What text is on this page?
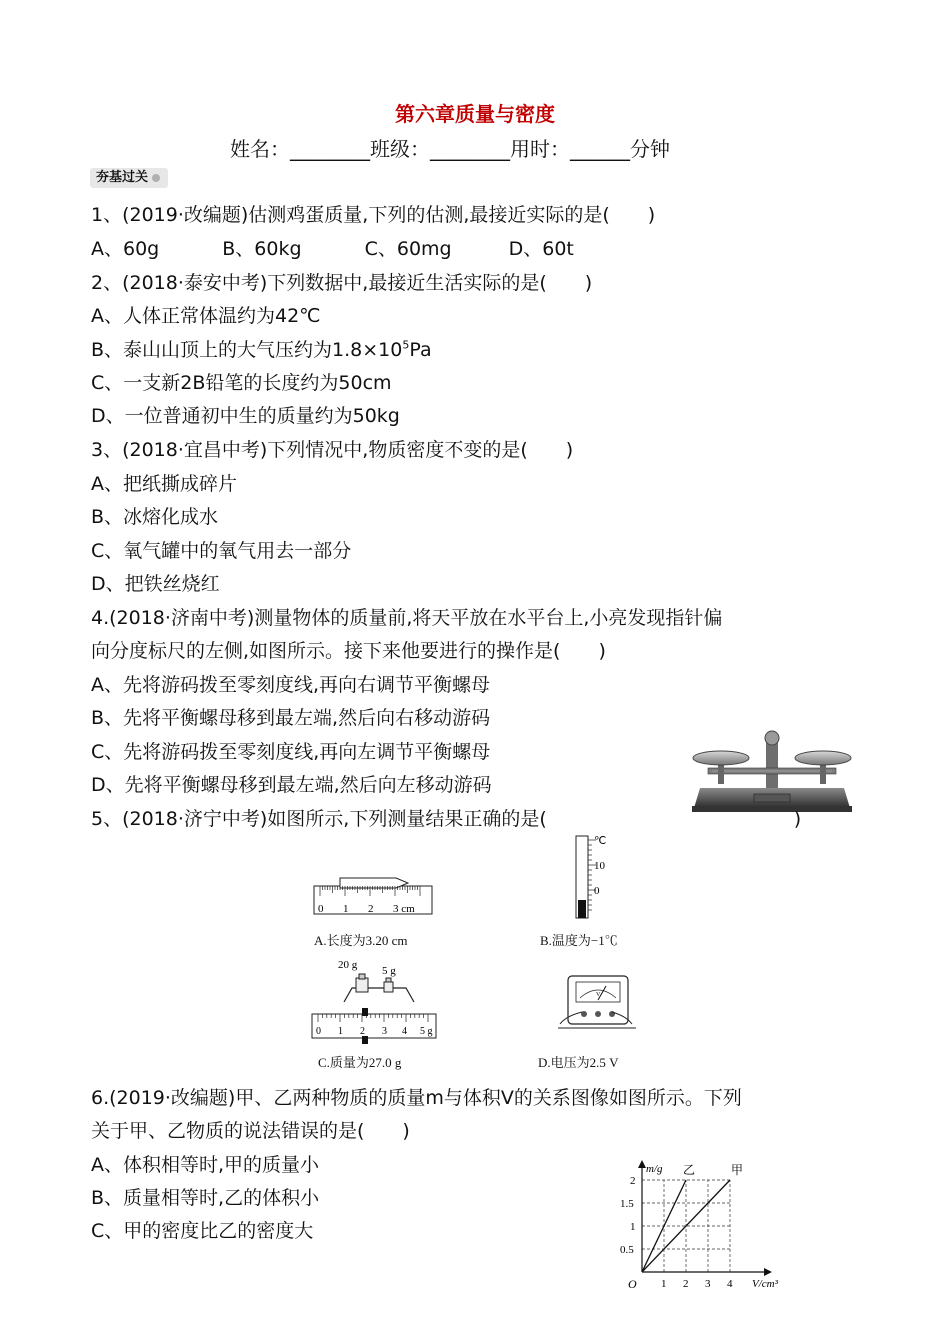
第六章质量与密度
姓名：________班级：________用时：______分钟
夯基过关
1、(2019·改编题)估测鸡蛋质量,下列的估测,最接近实际的是(　　)
A、60g　　　 B、60kg　　　 C、60mg　　　D、60t
2、(2018·泰安中考)下列数据中,最接近生活实际的是(　　)
A、人体正常体温约为42℃
B、泰山山顶上的大气压约为$1.8\times 10^5Pa$
C、一支新2B铅笔的长度约为50cm
D、一位普通初中生的质量约为50kg
3、(2018·宜昌中考)下列情况中,物质密度不变的是(　　)
A、把纸撕成碎片
B、冰熔化成水
C、氧气罐中的氧气用去一部分
D、把铁丝烧红
4.(2018·济南中考)测量物体的质量前,将天平放在水平台上,小亮发现指针偏
向分度标尺的左侧,如图所示。接下来他要进行的操作是(　　)
A、先将游码拨至零刻度线,再向右调节平衡螺母
B、先将平衡螺母移到最左端,然后向右移动游码
C、先将游码拨至零刻度线,再向左调节平衡螺母
D、先将平衡螺母移到最左端,然后向左移动游码
5、(2018·济宁中考)如图所示,下列测量结果正确的是(　　　　　　　　　　　　　)
0 1 2 3 cm
A.长度为3.20 cm
℃
10
0
B.温度为−1℃
20 g 5 g
0 1 2 3 4 5 g
C.质量为27.0 g
V
D.电压为2.5 V
6.(2019·改编题)甲、乙两种物质的质量m与体积V的关系图像如图所示。下列
关于甲、乙物质的说法错误的是(　　)
A、体积相等时,甲的质量小
B、质量相等时,乙的体积小
C、甲的密度比乙的密度大
乙	甲
1 2 3 4
0.5
1
1.5
2
O
m/g
V/cm³
